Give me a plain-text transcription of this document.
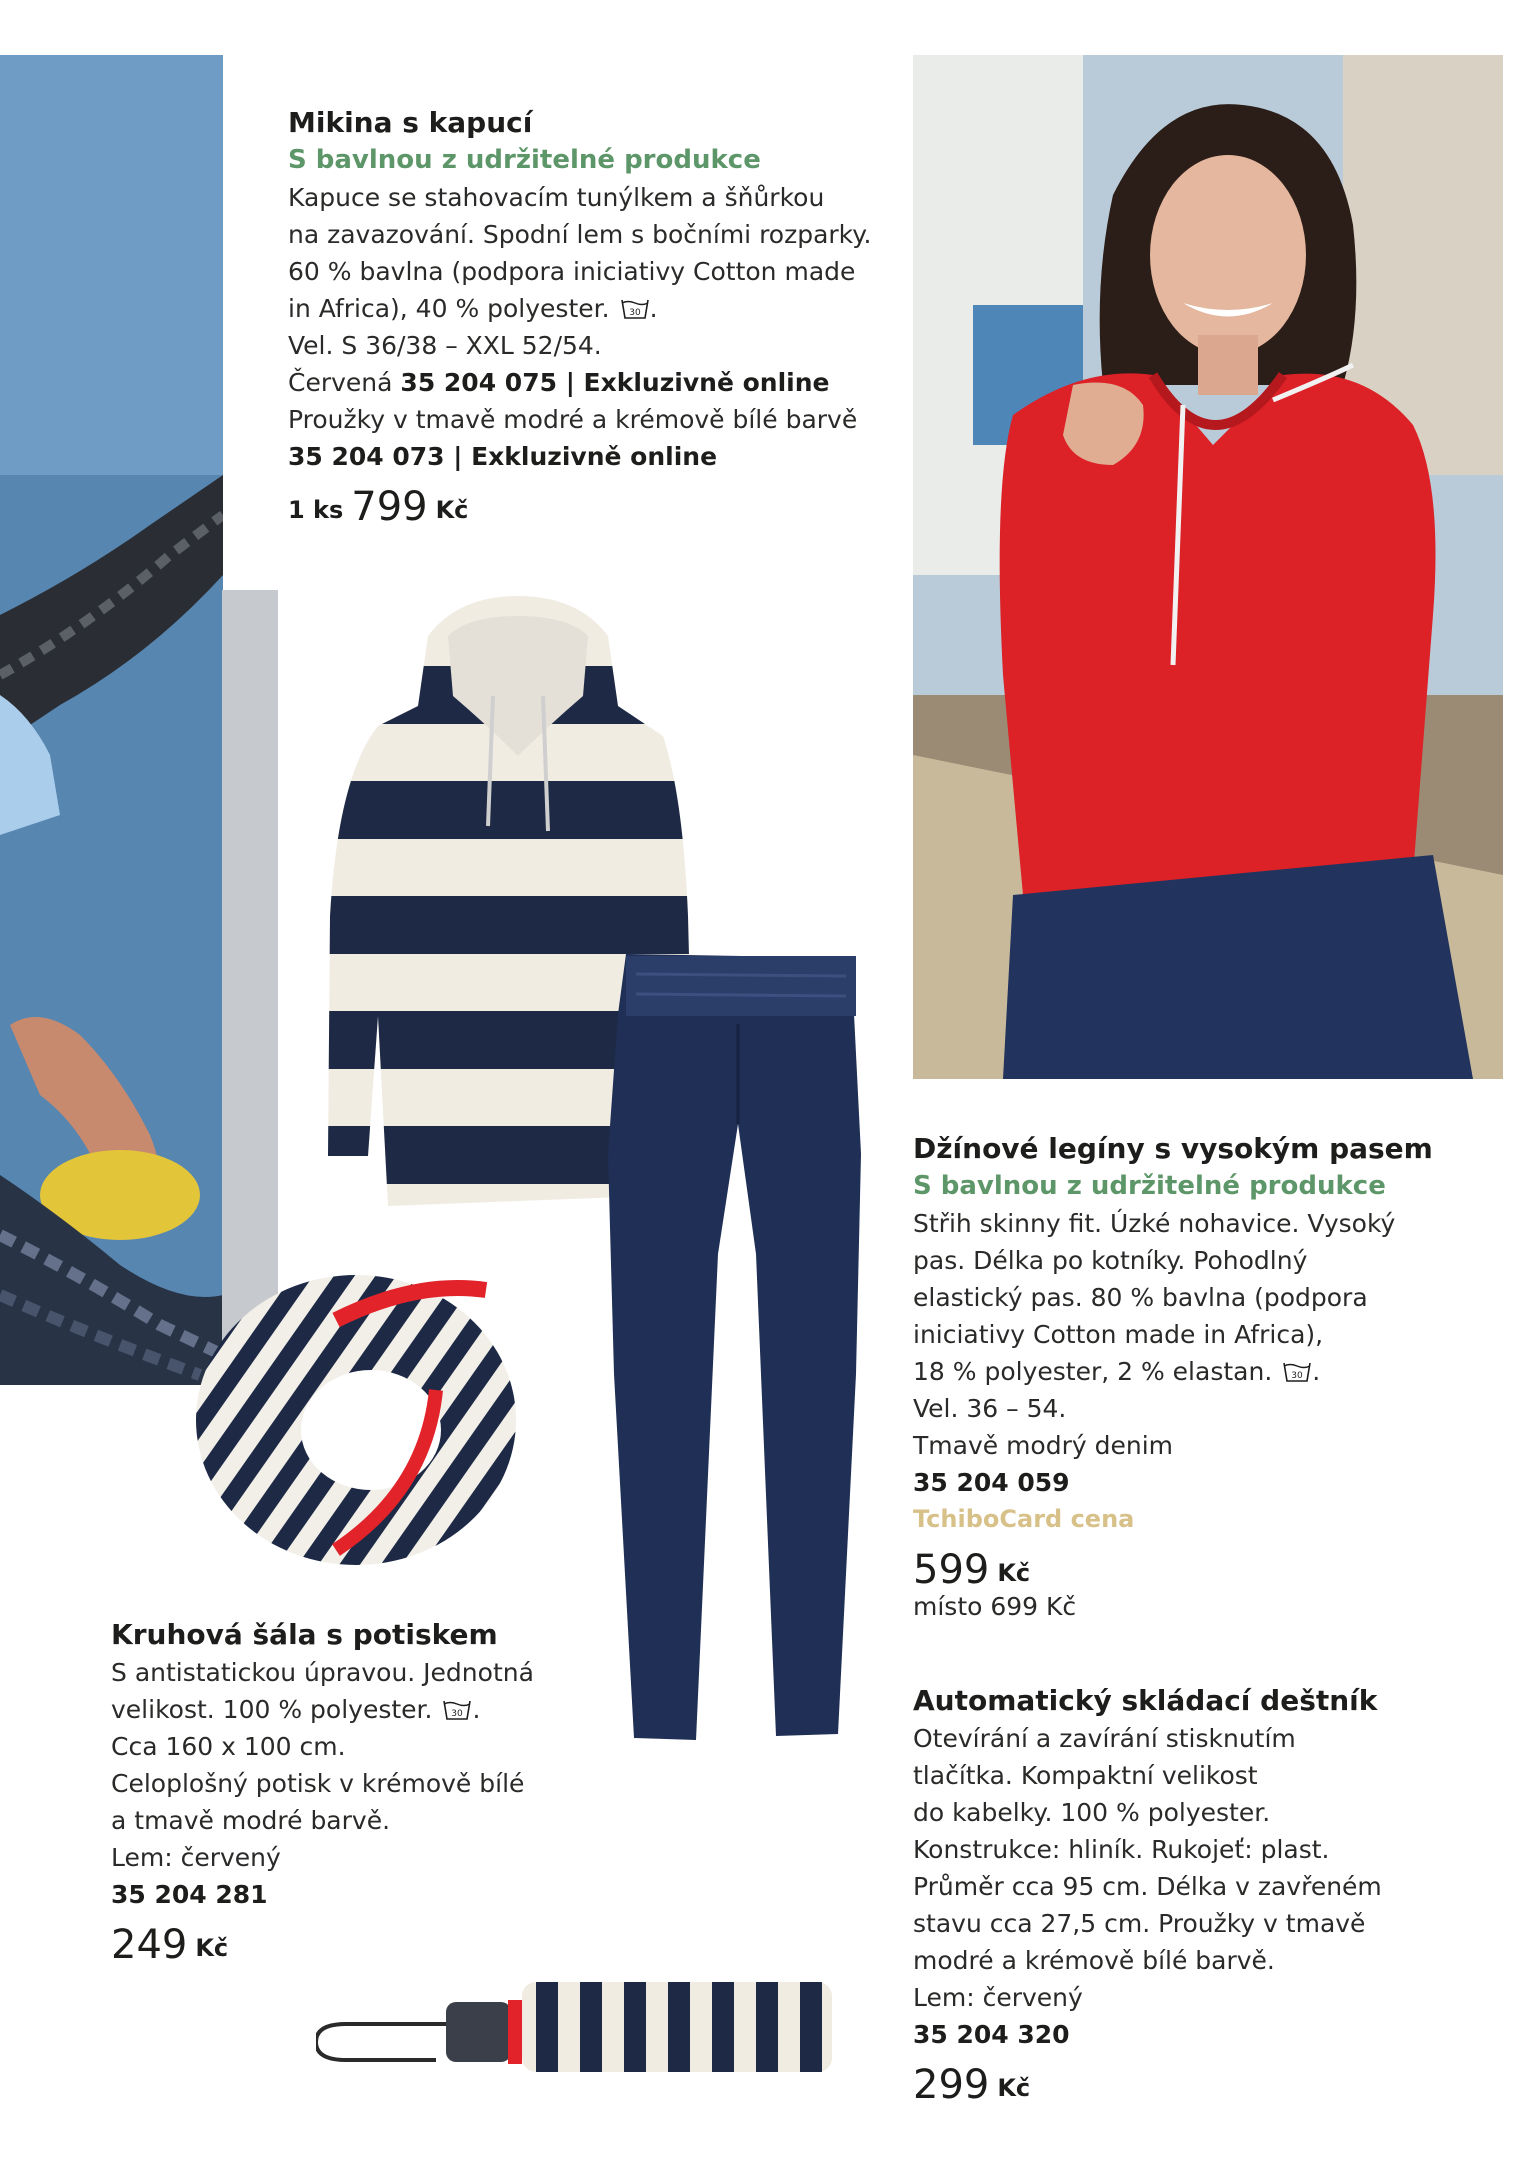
Mikina s kapucí

S bavlnou z udržitelné produkce

Kapuce se stahovacím tunýlkem a šňůrkou

na zavazování. Spodní lem s bočními rozparky.

60 % bavlna (podpora iniciativy Cotton made

in Africa), 40 % polyester. 30 .

Vel. S 36/38 – XXL 52/54.

Červená 35 204 075 | Exkluzivně online

Proužky v tmavě modré a krémově bílé barvě

35 204 073 | Exkluzivně online

1 ks 799 Kč

Džínové legíny s vysokým pasem

S bavlnou z udržitelné produkce

Střih skinny fit. Úzké nohavice. Vysoký

pas. Délka po kotníky. Pohodlný

elastický pas. 80 % bavlna (podpora

iniciativy Cotton made in Africa),

18 % polyester, 2 % elastan. 30 .

Vel. 36 – 54.

Tmavě modrý denim

35 204 059

TchiboCard cena

599 Kč

místo 699 Kč

Kruhová šála s potiskem

S antistatickou úpravou. Jednotná

velikost. 100 % polyester. 30 .

Cca 160 x 100 cm.

Celoplošný potisk v krémově bílé

a tmavě modré barvě.

Lem: červený

35 204 281

249 Kč

Automatický skládací deštník

Otevírání a zavírání stisknutím

tlačítka. Kompaktní velikost

do kabelky. 100 % polyester.

Konstrukce: hliník. Rukojeť: plast.

Průměr cca 95 cm. Délka v zavřeném

stavu cca 27,5 cm. Proužky v tmavě

modré a krémově bílé barvě.

Lem: červený

35 204 320

299 Kč
